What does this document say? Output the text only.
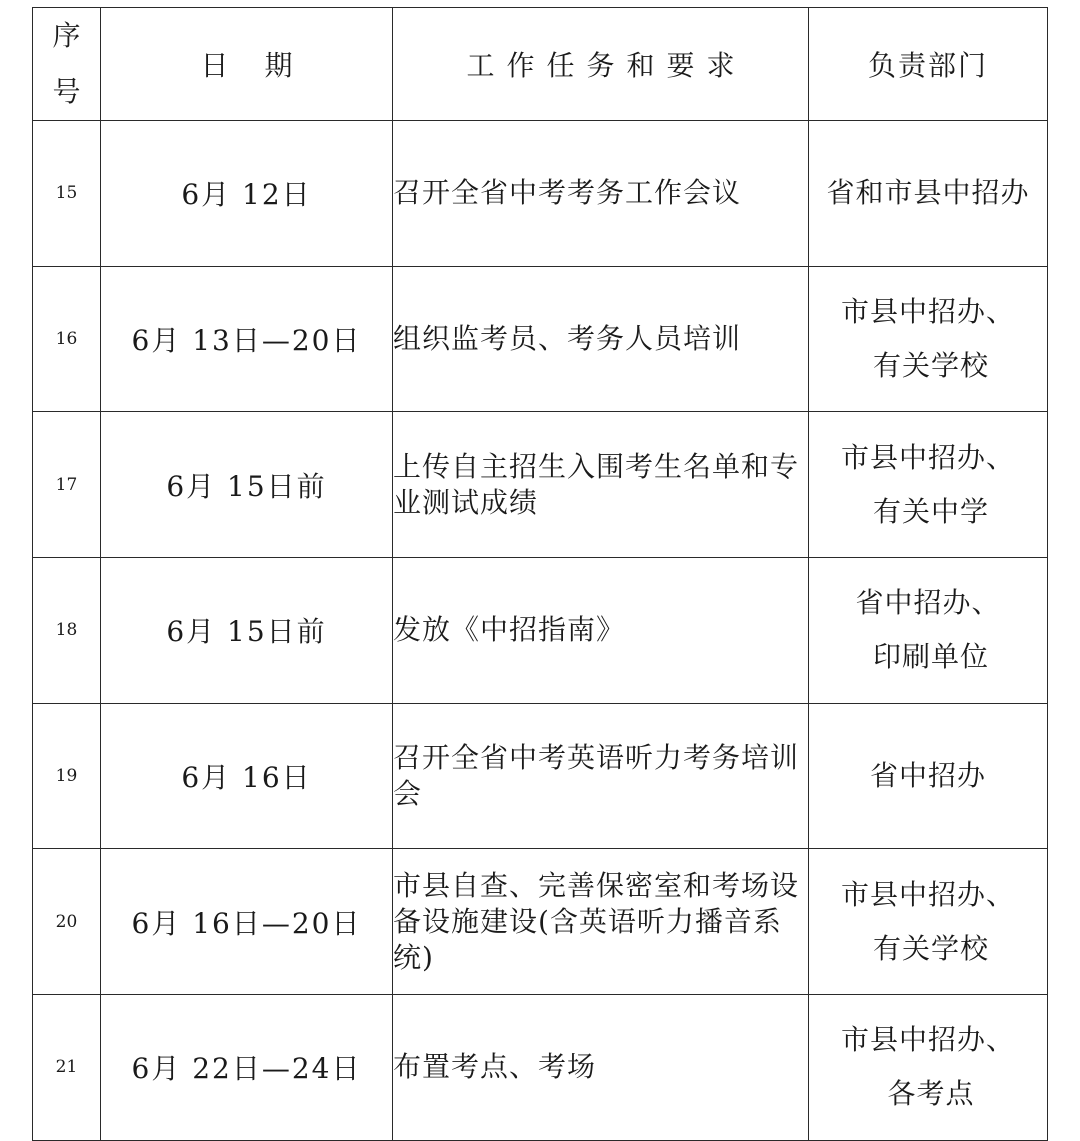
序
号	日期	工作任务和要求	负责部门
15	6月 12日	召开全省中考考务工作会议	省和市县中招办

16	6月 13日—20日	组织监考员、考务人员培训	市县中招办、
有关学校

17	6月 15日前	上传自主招生入围考生名单和专业测试成绩	市县中招办、
有关中学

18	6月 15日前	发放《中招指南》	省中招办、
印刷单位

19	6月 16日	召开全省中考英语听力考务培训会	省中招办

20	6月 16日—20日	市县自查、完善保密室和考场设备设施建设(含英语听力播音系统)	市县中招办、
有关学校

21	6月 22日—24日	布置考点、考场	市县中招办、
各考点
